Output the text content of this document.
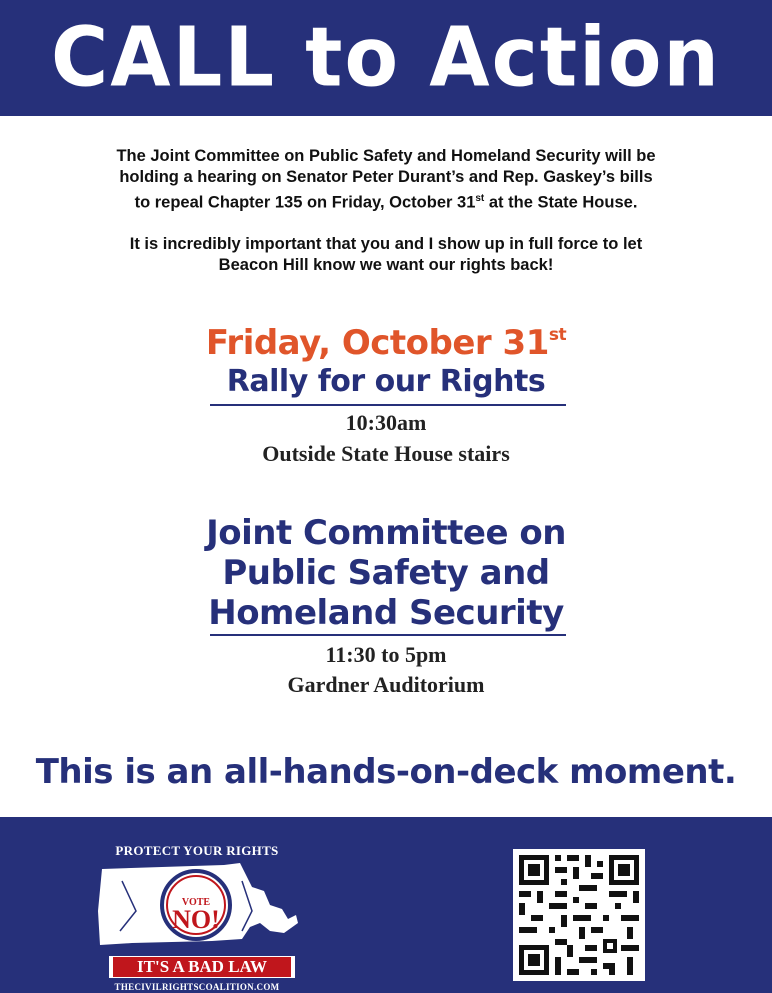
CALL to Action

The Joint Committee on Public Safety and Homeland Security will be
holding a hearing on Senator Peter Durant’s and Rep. Gaskey’s bills
to repeal Chapter 135 on Friday, October 31st at the State House.

It is incredibly important that you and I show up in full force to let
Beacon Hill know we want our rights back!

Friday, October 31st
Rally for our Rights
10:30am
Outside State House stairs
Joint Committee on
Public Safety and
Homeland Security
11:30 to 5pm
Gardner Auditorium
This is an all-hands-on-deck moment.
PROTECT YOUR RIGHTS
VOTE
NO!
IT'S A BAD LAW
THECIVILRIGHTSCOALITION.COM
